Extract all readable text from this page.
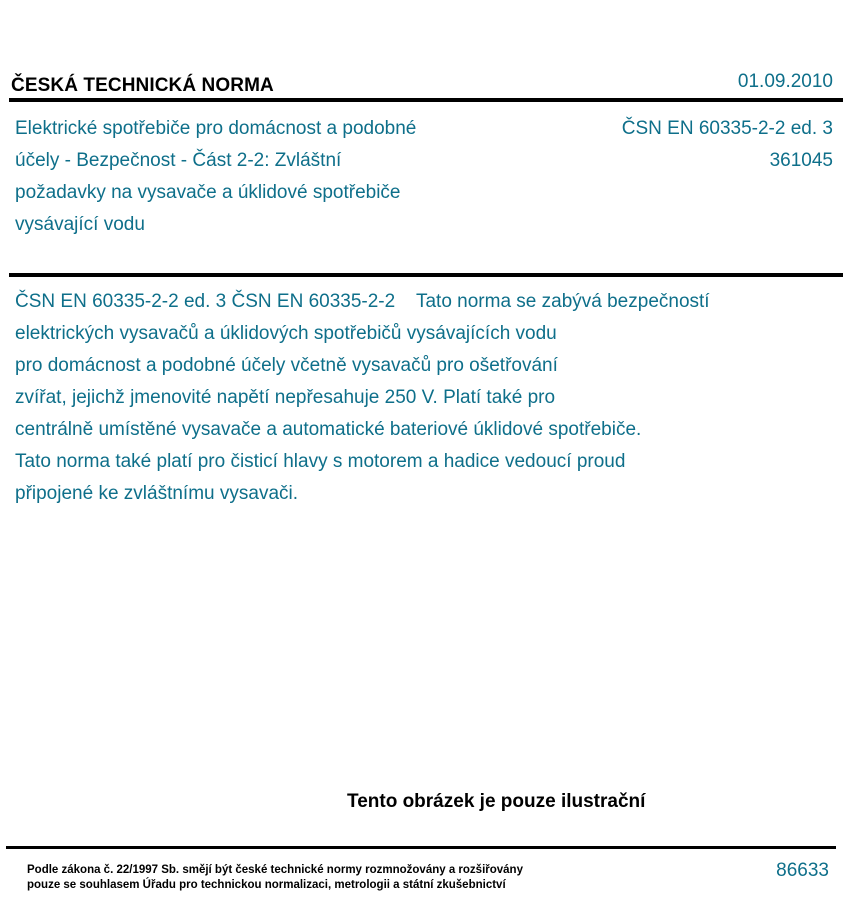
ČESKÁ TECHNICKÁ NORMA	01.09.2010
Elektrické spotřebiče pro domácnost a podobné
účely - Bezpečnost - Část 2-2: Zvláštní
požadavky na vysavače a úklidové spotřebiče
vysávající vodu
ČSN EN 60335-2-2 ed. 3
361045
ČSN EN 60335-2-2 ed. 3 ČSN EN 60335-2-2    Tato norma se zabývá bezpečností
elektrických vysavačů a úklidových spotřebičů vysávajících vodu
pro domácnost a podobné účely včetně vysavačů pro ošetřování
zvířat, jejichž jmenovité napětí nepřesahuje 250 V. Platí také pro
centrálně umístěné vysavače a automatické bateriové úklidové spotřebiče.
Tato norma také platí pro čisticí hlavy s motorem a hadice vedoucí proud
připojené ke zvláštnímu vysavači.
Tento obrázek je pouze ilustrační
Podle zákona č. 22/1997 Sb. smějí být české technické normy rozmnožovány a rozšiřovány
pouze se souhlasem Úřadu pro technickou normalizaci, metrologii a státní zkušebnictví
86633
